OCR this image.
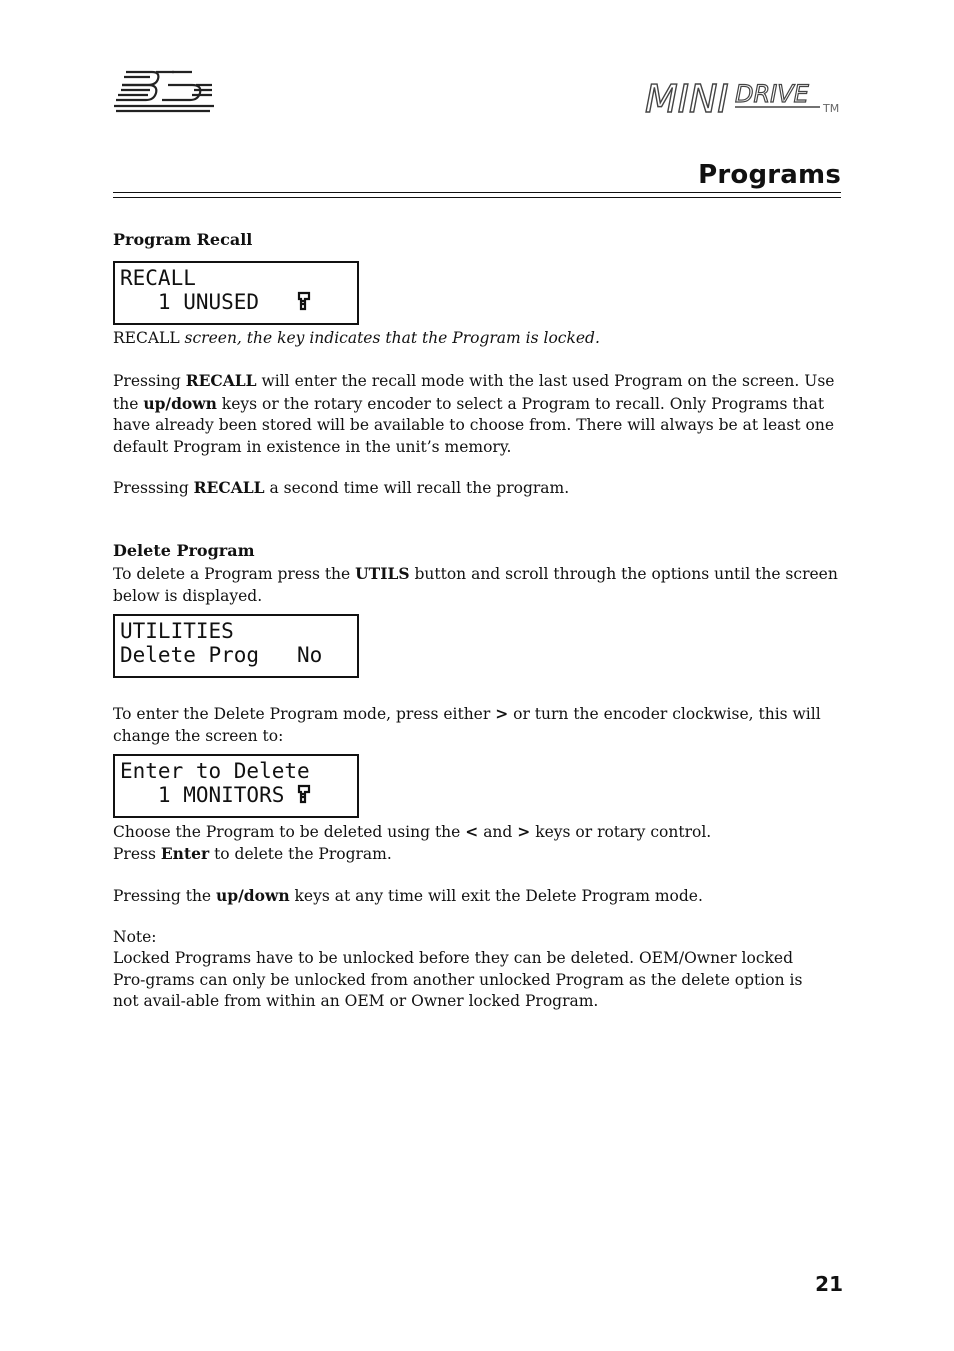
MINI DRIVE
TM
Programs
Program Recall
RECALL
1 UNUSED

RECALL screen, the key indicates that the Program is locked.

Pressing RECALL will enter the recall mode with the last used Program on the screen. Use the up/down keys or the rotary encoder to select a Program to recall. Only Programs that have already been stored will be available to choose from. There will always be at least one default Program in existence in the unit’s memory.

Presssing RECALL a second time will recall the program.

Delete Program

To delete a Program press the UTILS button and scroll through the options until the screen below is displayed.

UTILITIES
Delete Prog   No

To enter the Delete Program mode, press either > or turn the encoder clockwise, this will change the screen to:

Enter to Delete
1 MONITORS

Choose the Program to be deleted using the < and > keys or rotary control.

Press Enter to delete the Program.

Pressing the up/down keys at any time will exit the Delete Program mode.

Note:

Locked Programs have to be unlocked before they can be deleted. OEM/Owner locked Pro-grams can only be unlocked from another unlocked Program as the delete option is not avail-able from within an OEM or Owner locked Program.

21
